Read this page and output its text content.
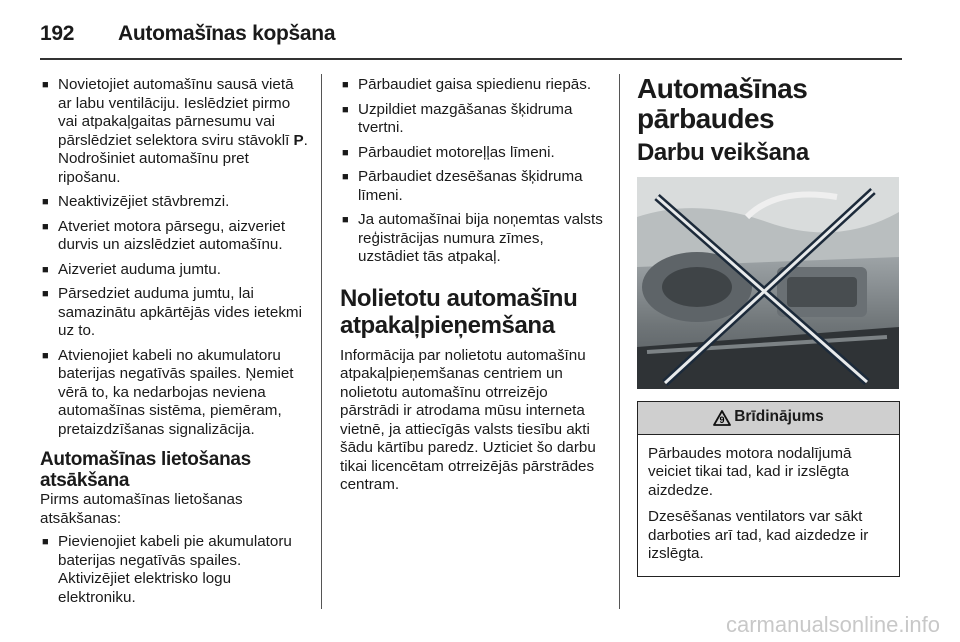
192 Automašīnas kopšana
■ Novietojiet automašīnu sausā vietā ar labu ventilāciju. Ieslēdziet pirmo vai atpakaļgaitas pārnesumu vai pārslēdziet selektora sviru stāvoklī P. Nodrošiniet automašīnu pret ripošanu.
■ Neaktivizējiet stāvbremzi.
■ Atveriet motora pārsegu, aizveriet durvis un aizslēdziet automašīnu.
■ Aizveriet auduma jumtu.
■ Pārsedziet auduma jumtu, lai samazinātu apkārtējās vides ietekmi uz to.
■ Atvienojiet kabeli no akumulatoru baterijas negatīvās spailes. Ņemiet vērā to, ka nedarbojas neviena automašīnas sistēma, piemēram, pretaizdzīšanas signalizācija.
Automašīnas lietošanas atsākšana

Pirms automašīnas lietošanas atsākšanas:

■ Pievienojiet kabeli pie akumulatoru baterijas negatīvās spailes. Aktivizējiet elektrisko logu elektroniku.
■ Pārbaudiet gaisa spiedienu riepās.
■ Uzpildiet mazgāšanas šķidruma tvertni.
■ Pārbaudiet motoreļļas līmeni.
■ Pārbaudiet dzesēšanas šķidruma līmeni.
■ Ja automašīnai bija noņemtas valsts reģistrācijas numura zīmes, uzstādiet tās atpakaļ.
Nolietotu automašīnu atpakaļpieņemšana

Informācija par nolietotu automašīnu atpakaļpieņemšanas centriem un nolietotu automašīnu otrreizējo pārstrādi ir atrodama mūsu interneta vietnē, ja attiecīgās valsts tiesību akti šādu kārtību paredz. Uzticiet šo darbu tikai licencētam otrreizējās pārstrādes centram.

Automašīnas pārbaudes
Darbu veikšana
9 Brīdinājums

Pārbaudes motora nodalījumā veiciet tikai tad, kad ir izslēgta aizdedze.

Dzesēšanas ventilators var sākt darboties arī tad, kad aizdedze ir izslēgta.

carmanualsonline.info
